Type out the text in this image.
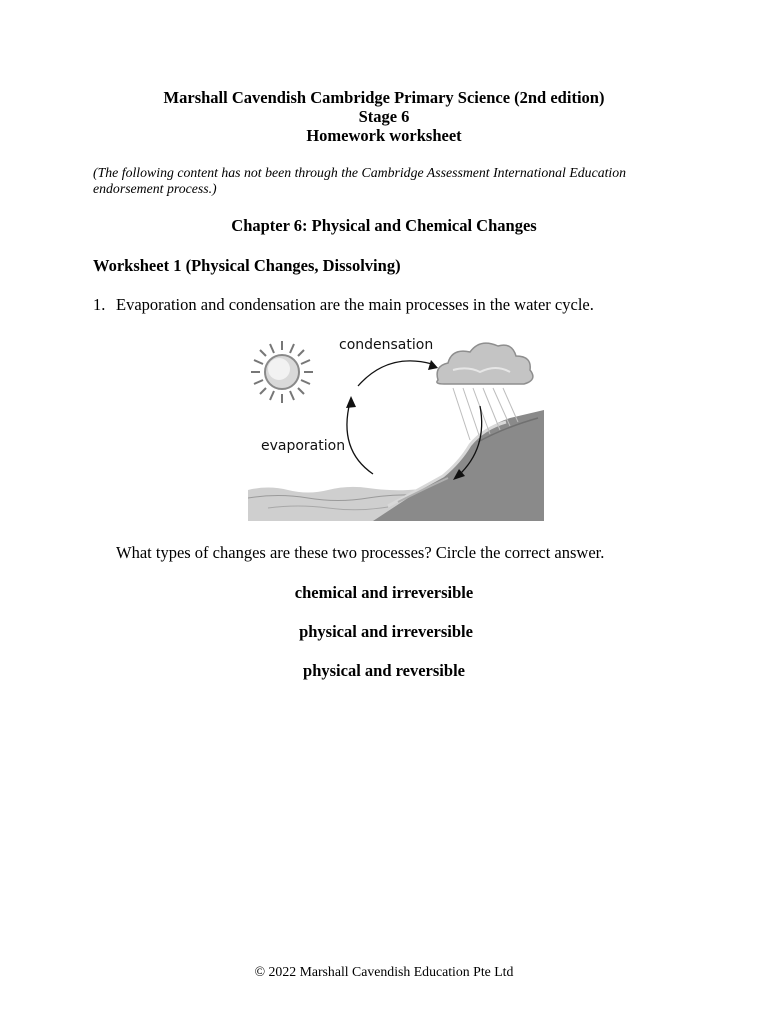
Marshall Cavendish Cambridge Primary Science (2nd edition)
Stage 6
Homework worksheet
(The following content has not been through the Cambridge Assessment International Education endorsement process.)
Chapter 6: Physical and Chemical Changes
Worksheet 1 (Physical Changes, Dissolving)
1. Evaporation and condensation are the main processes in the water cycle.
condensation
evaporation
What types of changes are these two processes? Circle the correct answer.
chemical and irreversible
physical and irreversible
physical and reversible
© 2022 Marshall Cavendish Education Pte Ltd
